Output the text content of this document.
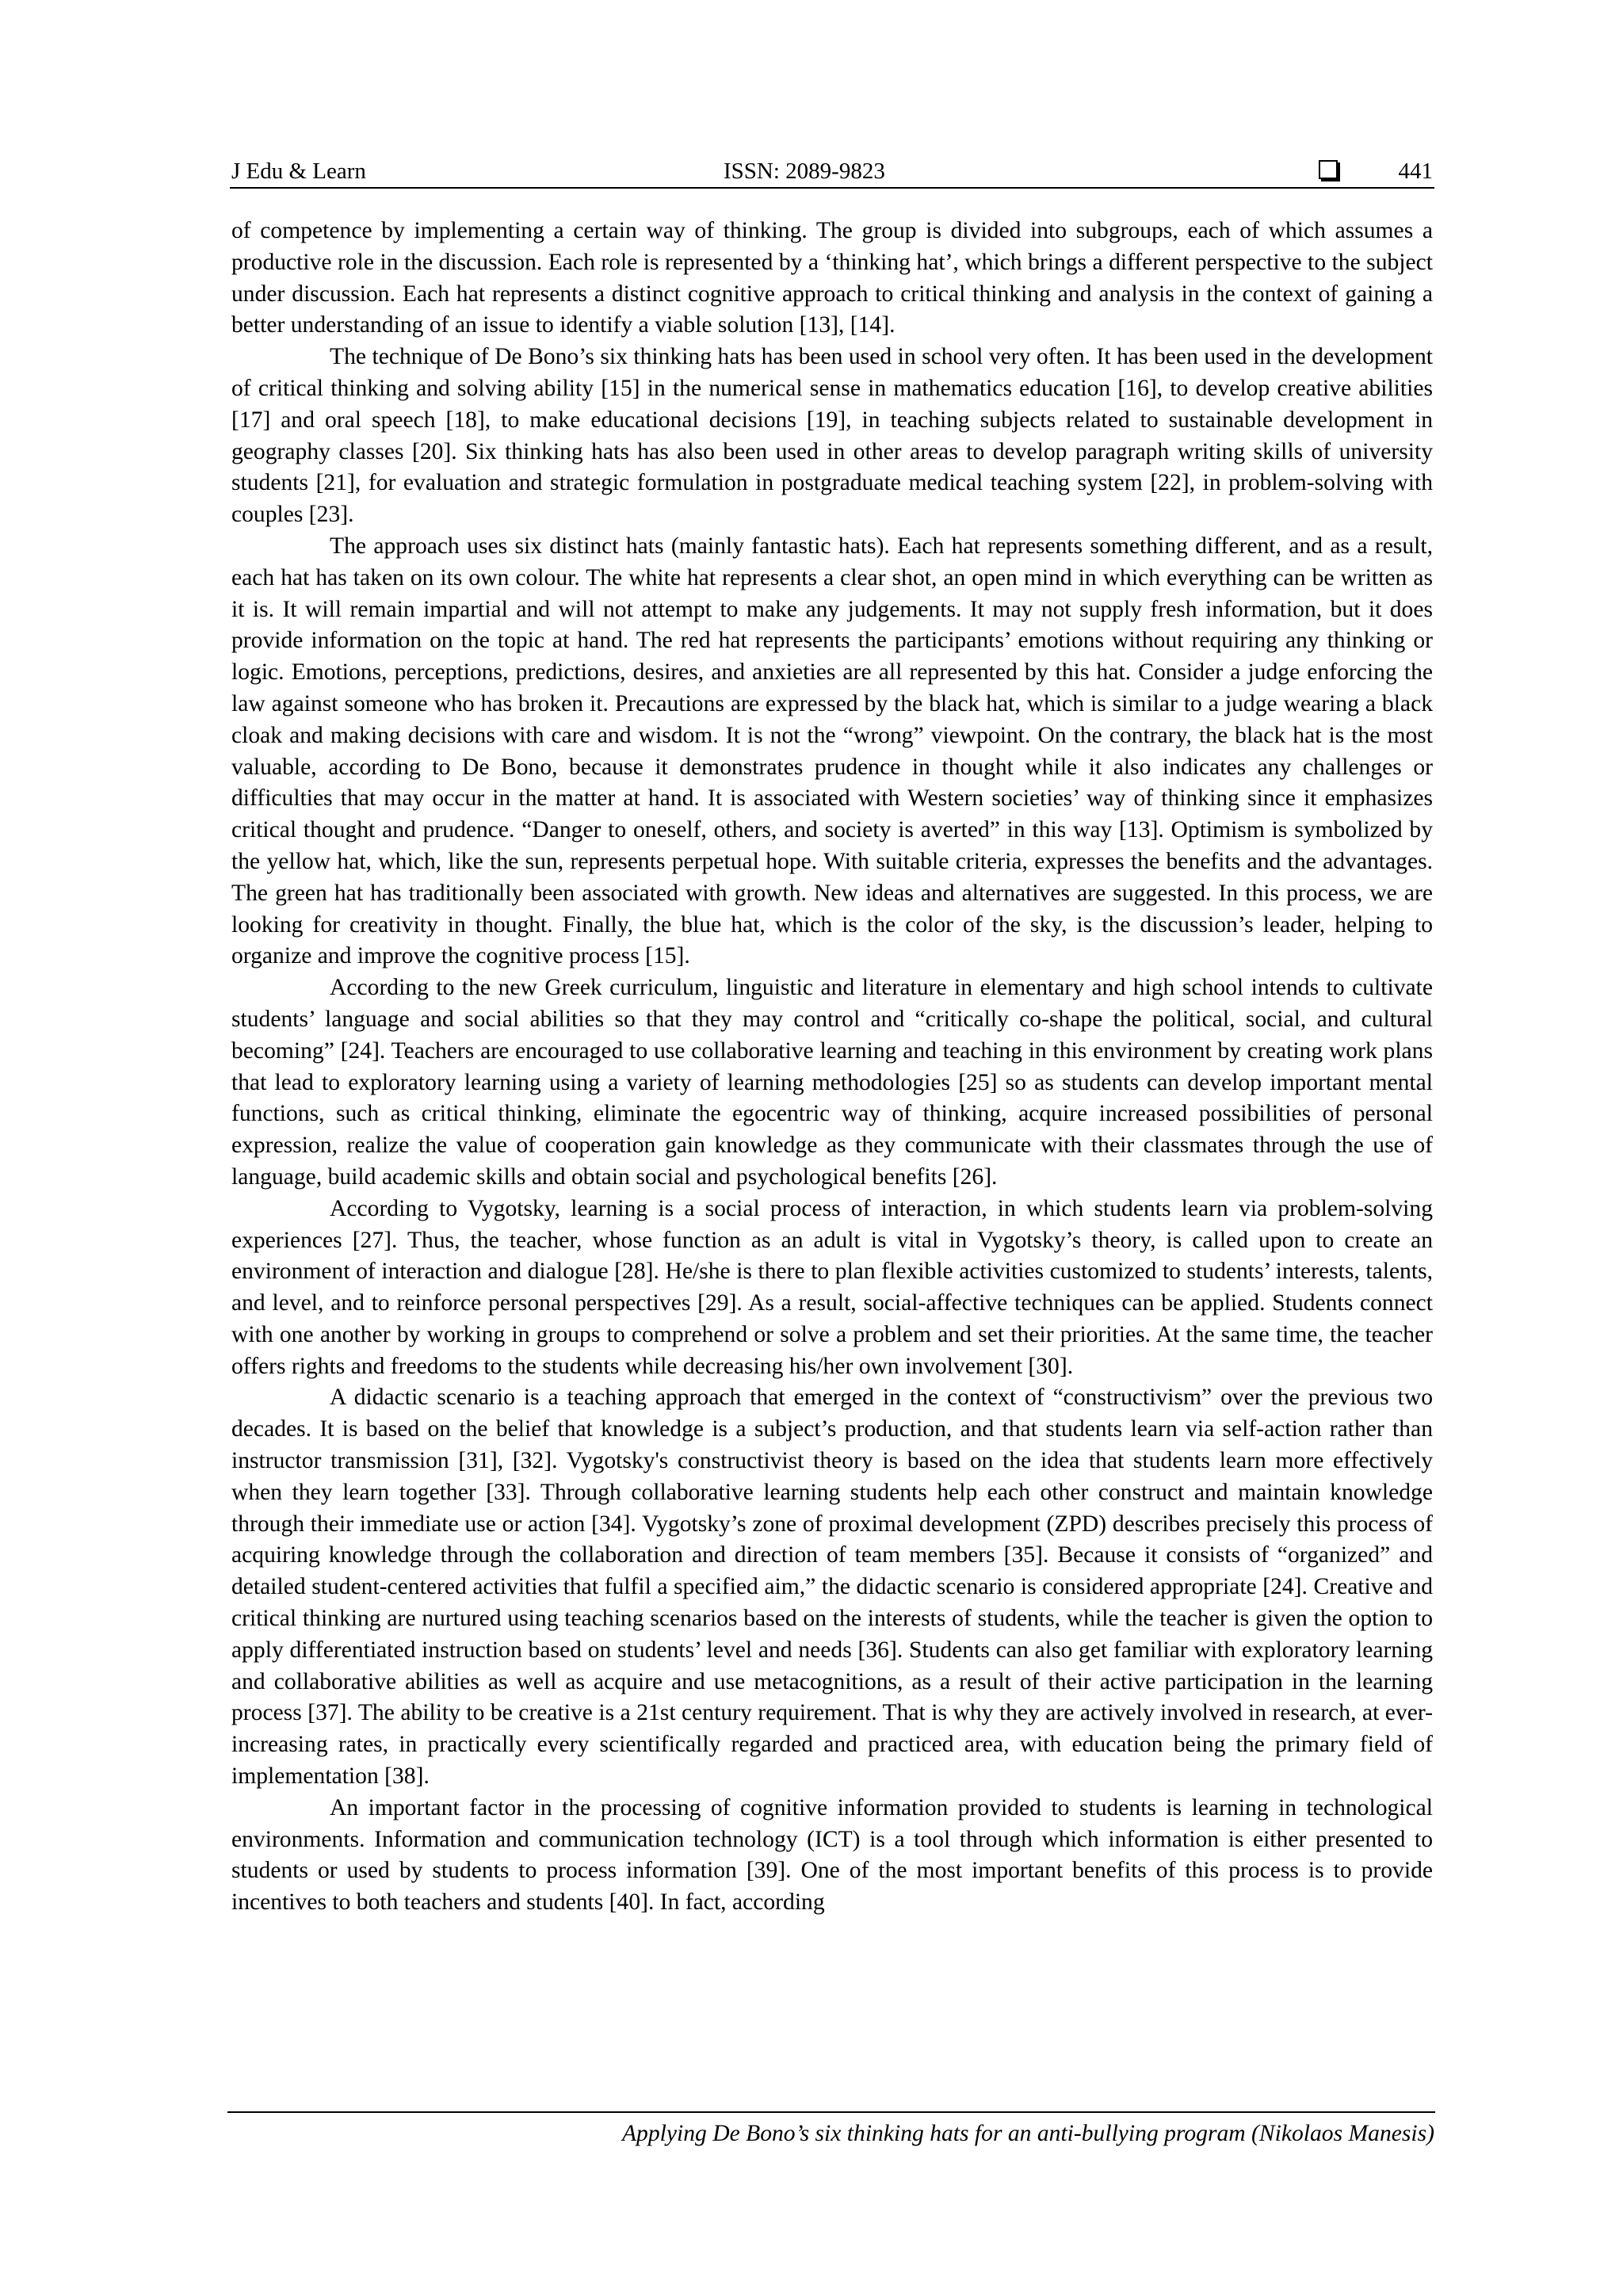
J Edu & Learn	ISSN: 2089-9823	441

of competence by implementing a certain way of thinking. The group is divided into subgroups, each of which assumes a productive role in the discussion. Each role is represented by a ‘thinking hat’, which brings a different perspective to the subject under discussion. Each hat represents a distinct cognitive approach to critical thinking and analysis in the context of gaining a better understanding of an issue to identify a viable solution [13], [14].

The technique of De Bono’s six thinking hats has been used in school very often. It has been used in the development of critical thinking and solving ability [15] in the numerical sense in mathematics education [16], to develop creative abilities [17] and oral speech [18], to make educational decisions [19], in teaching subjects related to sustainable development in geography classes [20]. Six thinking hats has also been used in other areas to develop paragraph writing skills of university students [21], for evaluation and strategic formulation in postgraduate medical teaching system [22], in problem-solving with couples [23].

The approach uses six distinct hats (mainly fantastic hats). Each hat represents something different, and as a result, each hat has taken on its own colour. The white hat represents a clear shot, an open mind in which everything can be written as it is. It will remain impartial and will not attempt to make any judgements. It may not supply fresh information, but it does provide information on the topic at hand. The red hat represents the participants’ emotions without requiring any thinking or logic. Emotions, perceptions, predictions, desires, and anxieties are all represented by this hat. Consider a judge enforcing the law against someone who has broken it. Precautions are expressed by the black hat, which is similar to a judge wearing a black cloak and making decisions with care and wisdom. It is not the “wrong” viewpoint. On the contrary, the black hat is the most valuable, according to De Bono, because it demonstrates prudence in thought while it also indicates any challenges or difficulties that may occur in the matter at hand. It is associated with Western societies’ way of thinking since it emphasizes critical thought and prudence. “Danger to oneself, others, and society is averted” in this way [13]. Optimism is symbolized by the yellow hat, which, like the sun, represents perpetual hope. With suitable criteria, expresses the benefits and the advantages. The green hat has traditionally been associated with growth. New ideas and alternatives are suggested. In this process, we are looking for creativity in thought. Finally, the blue hat, which is the color of the sky, is the discussion’s leader, helping to organize and improve the cognitive process [15].

According to the new Greek curriculum, linguistic and literature in elementary and high school intends to cultivate students’ language and social abilities so that they may control and “critically co-shape the political, social, and cultural becoming” [24]. Teachers are encouraged to use collaborative learning and teaching in this environment by creating work plans that lead to exploratory learning using a variety of learning methodologies [25] so as students can develop important mental functions, such as critical thinking, eliminate the egocentric way of thinking, acquire increased possibilities of personal expression, realize the value of cooperation gain knowledge as they communicate with their classmates through the use of language, build academic skills and obtain social and psychological benefits [26].

According to Vygotsky, learning is a social process of interaction, in which students learn via problem-solving experiences [27]. Thus, the teacher, whose function as an adult is vital in Vygotsky’s theory, is called upon to create an environment of interaction and dialogue [28]. He/she is there to plan flexible activities customized to students’ interests, talents, and level, and to reinforce personal perspectives [29]. As a result, social-affective techniques can be applied. Students connect with one another by working in groups to comprehend or solve a problem and set their priorities. At the same time, the teacher offers rights and freedoms to the students while decreasing his/her own involvement [30].

A didactic scenario is a teaching approach that emerged in the context of “constructivism” over the previous two decades. It is based on the belief that knowledge is a subject’s production, and that students learn via self-action rather than instructor transmission [31], [32]. Vygotsky's constructivist theory is based on the idea that students learn more effectively when they learn together [33]. Through collaborative learning students help each other construct and maintain knowledge through their immediate use or action [34]. Vygotsky’s zone of proximal development (ZPD) describes precisely this process of acquiring knowledge through the collaboration and direction of team members [35]. Because it consists of “organized” and detailed student-centered activities that fulfil a specified aim,” the didactic scenario is considered appropriate [24]. Creative and critical thinking are nurtured using teaching scenarios based on the interests of students, while the teacher is given the option to apply differentiated instruction based on students’ level and needs [36]. Students can also get familiar with exploratory learning and collaborative abilities as well as acquire and use metacognitions, as a result of their active participation in the learning process [37]. The ability to be creative is a 21st century requirement. That is why they are actively involved in research, at ever-increasing rates, in practically every scientifically regarded and practiced area, with education being the primary field of implementation [38].

An important factor in the processing of cognitive information provided to students is learning in technological environments. Information and communication technology (ICT) is a tool through which information is either presented to students or used by students to process information [39]. One of the most important benefits of this process is to provide incentives to both teachers and students [40]. In fact, according

Applying De Bono’s six thinking hats for an anti-bullying program (Nikolaos Manesis)
